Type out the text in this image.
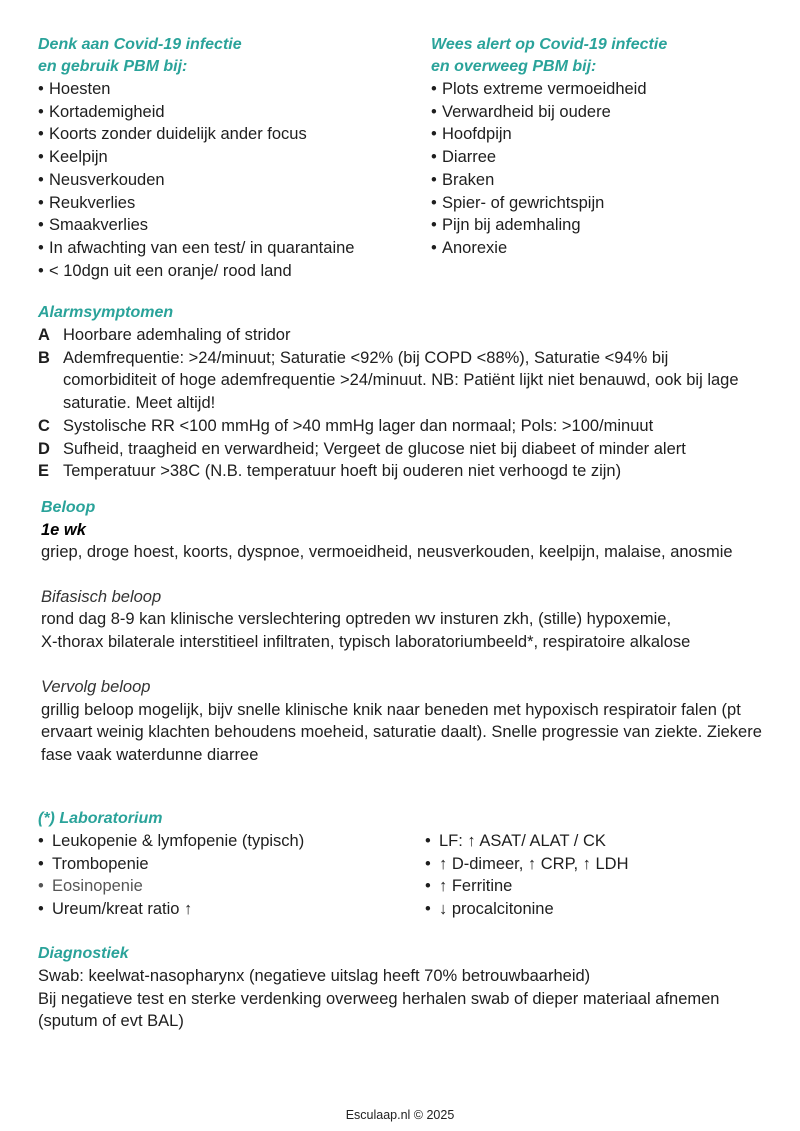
Denk aan Covid-19 infectie
en gebruik PBM bij:
• Hoesten
• Kortademigheid
• Koorts zonder duidelijk ander focus
• Keelpijn
• Neusverkouden
• Reukverlies
• Smaakverlies
• In afwachting van een test/ in quarantaine
• < 10dgn uit een oranje/ rood land
Wees alert op Covid-19 infectie
en overweeg PBM bij:
• Plots extreme vermoeidheid
• Verwardheid bij oudere
• Hoofdpijn
• Diarree
• Braken
• Spier- of gewrichtspijn
• Pijn bij ademhaling
• Anorexie
Alarmsymptomen
A Hoorbare ademhaling of stridor
B Ademfrequentie: >24/minuut; Saturatie <92% (bij COPD <88%), Saturatie <94% bij comorbiditeit of hoge ademfrequentie >24/minuut. NB: Patiënt lijkt niet benauwd, ook bij lage saturatie. Meet altijd!
C Systolische RR <100 mmHg of >40 mmHg lager dan normaal; Pols: >100/minuut
D Sufheid, traagheid en verwardheid; Vergeet de glucose niet bij diabeet of minder alert
E Temperatuur >38C (N.B. temperatuur hoeft bij ouderen niet verhoogd te zijn)
Beloop
1e wk

griep, droge hoest, koorts, dyspnoe, vermoeidheid, neusverkouden, keelpijn, malaise, anosmie

Bifasisch beloop

rond dag 8-9 kan klinische verslechtering optreden wv insturen zkh, (stille) hypoxemie,

X-thorax bilaterale interstitieel infiltraten, typisch laboratoriumbeeld*, respiratoire alkalose

Vervolg beloop

grillig beloop mogelijk, bijv snelle klinische knik naar beneden met hypoxisch respiratoir falen (pt ervaart weinig klachten behoudens moeheid, saturatie daalt). Snelle progressie van ziekte. Ziekere fase vaak waterdunne diarree

(*) Laboratorium
• Leukopenie & lymfopenie (typisch)
• Trombopenie
• Eosinopenie
• Ureum/kreat ratio ↑
• LF: ↑ ASAT/ ALAT / CK
• ↑ D-dimeer, ↑ CRP, ↑ LDH
• ↑ Ferritine
• ↓ procalcitonine
Diagnostiek

Swab: keelwat-nasopharynx (negatieve uitslag heeft 70% betrouwbaarheid)

Bij negatieve test en sterke verdenking overweeg herhalen swab of dieper materiaal afnemen (sputum of evt BAL)

Esculaap.nl © 2025
